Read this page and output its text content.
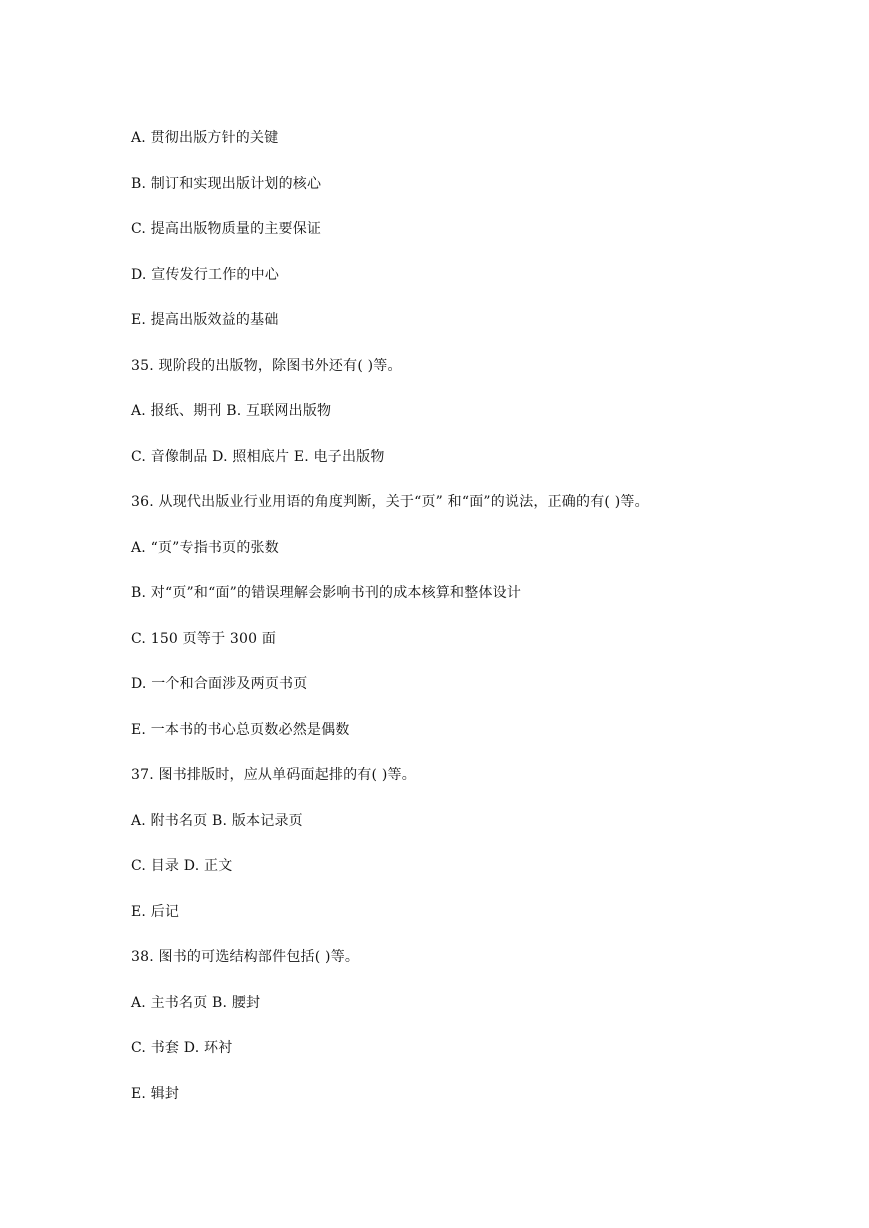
A. 贯彻出版方针的关键
B. 制订和实现出版计划的核心
C. 提高出版物质量的主要保证
D. 宣传发行工作的中心
E. 提高出版效益的基础
35. 现阶段的出版物，除图书外还有( )等。
A. 报纸、期刊 B. 互联网出版物
C. 音像制品 D. 照相底片 E. 电子出版物
36. 从现代出版业行业用语的角度判断，关于“页” 和“面”的说法，正确的有( )等。
A. “页”专指书页的张数
B. 对“页”和“面”的错误理解会影响书刊的成本核算和整体设计
C. 150 页等于 300 面
D. 一个和合面涉及两页书页
E. 一本书的书心总页数必然是偶数
37. 图书排版时，应从单码面起排的有( )等。
A. 附书名页 B. 版本记录页
C. 目录 D. 正文
E. 后记
38. 图书的可选结构部件包括( )等。
A. 主书名页 B. 腰封
C. 书套 D. 环衬
E. 辑封
